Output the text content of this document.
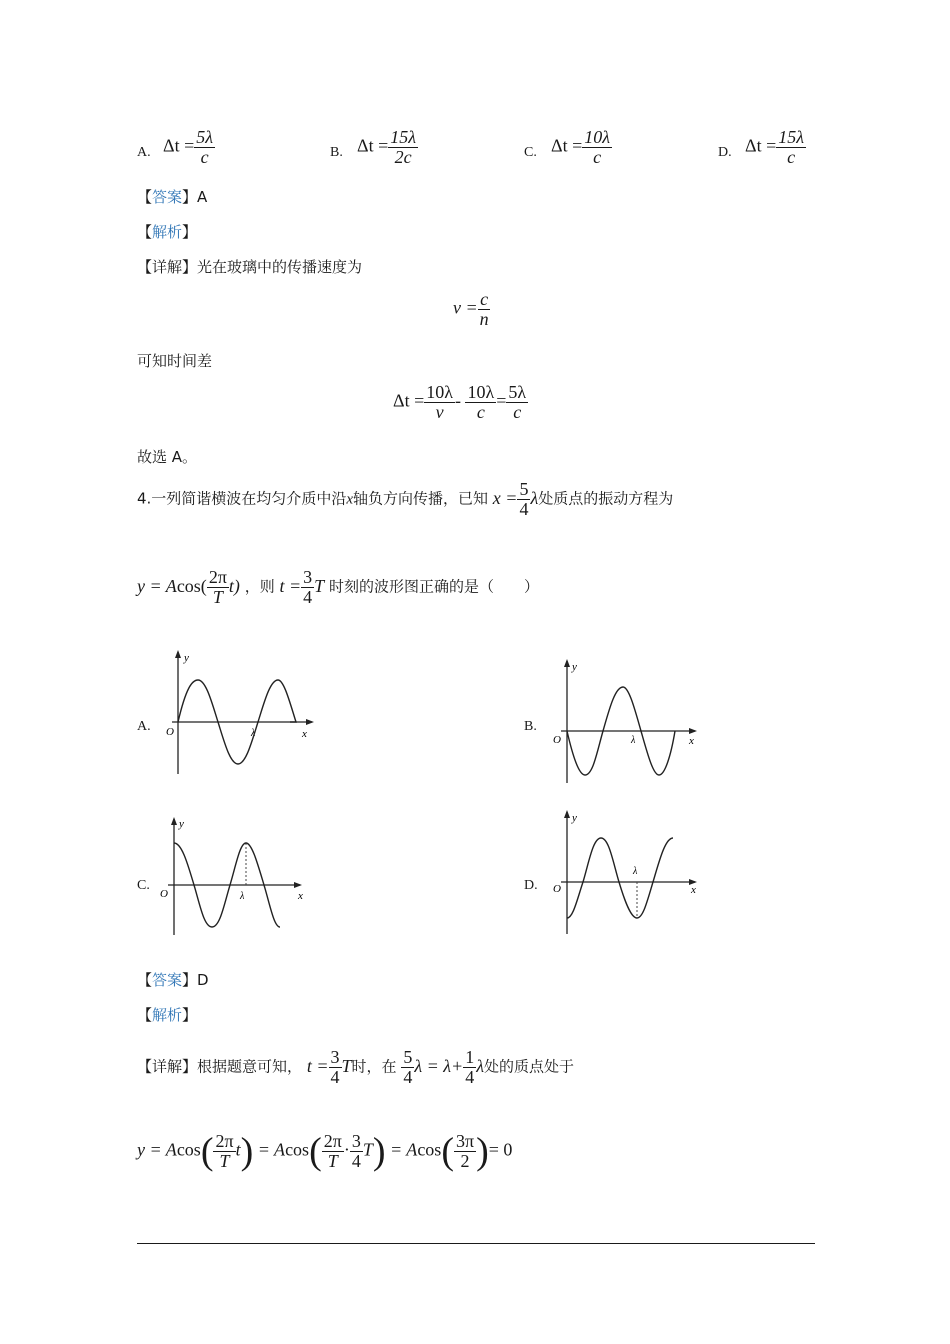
A. $\Delta t = \frac{5\lambda}{c}$	B. $\Delta t = \frac{15\lambda}{2c}$	C. $\Delta t = \frac{10\lambda}{c}$	D. $\Delta t = \frac{15\lambda}{c}$
【答案】A
【解析】
【详解】光在玻璃中的传播速度为
$v = \frac{c}{n}$
可知时间差
$\Delta t = \frac{10\lambda}{v} - \frac{10\lambda}{c} = \frac{5\lambda}{c}$
故选 A。
4.一列简谐横波在均匀介质中沿x轴负方向传播，已知 $x = \frac{5}{4}$ λ处质点的振动方程为
$y = Acos( \frac{2\pi}{T} t)$ ，则 $t = \frac{3}{4}$ T 时刻的波形图正确的是（　　）
A.	B.
C.	D.
y
O	λ	x
y
O	λ	x
y
O	λ	x
y
O
λ
x
【答案】D
【解析】
【详解】根据题意可知， $t = \frac{3}{4}$ T时，在 $\frac{5}{4}$ $\lambda = \lambda+ \frac{1}{4}$ λ处的质点处于
$y = Acos( \frac{2\pi}{T} t) = Acos( \frac{2\pi}{T} \cdot \frac{3}{4} T) = Acos( \frac{3\pi}{2}$ )= 0
